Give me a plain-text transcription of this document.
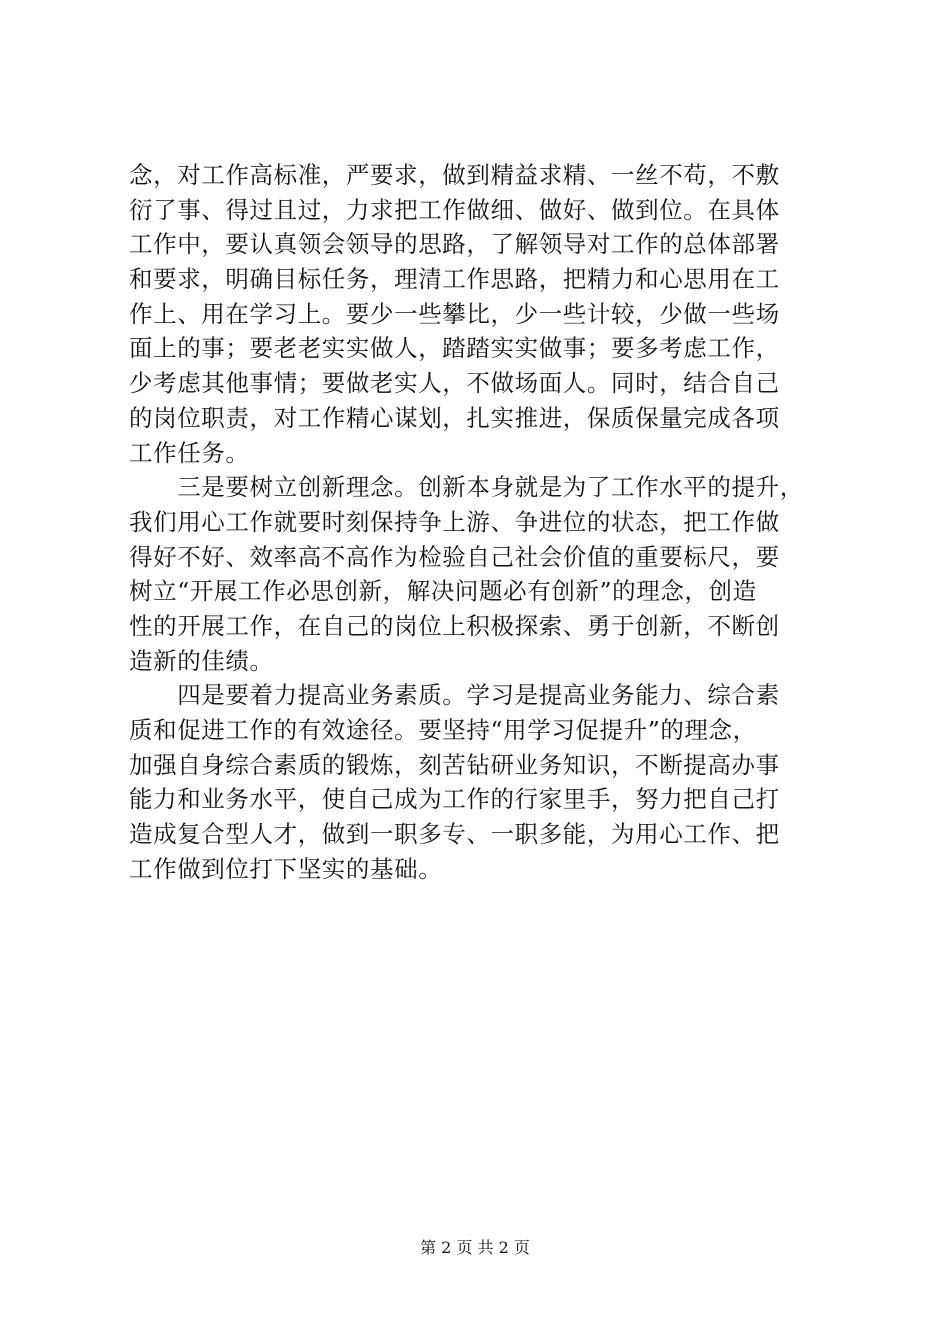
念，对工作高标准，严要求，做到精益求精、一丝不苟，不敷
衍了事、得过且过，力求把工作做细、做好、做到位。在具体
工作中，要认真领会领导的思路，了解领导对工作的总体部署
和要求，明确目标任务，理清工作思路，把精力和心思用在工
作上、用在学习上。要少一些攀比，少一些计较，少做一些场
面上的事；要老老实实做人，踏踏实实做事；要多考虑工作，
少考虑其他事情；要做老实人，不做场面人。同时，结合自己
的岗位职责，对工作精心谋划，扎实推进，保质保量完成各项
工作任务。
　　三是要树立创新理念。创新本身就是为了工作水平的提升，
我们用心工作就要时刻保持争上游、争进位的状态，把工作做
得好不好、效率高不高作为检验自己社会价值的重要标尺，要
树立“开展工作必思创新，解决问题必有创新”的理念，创造
性的开展工作，在自己的岗位上积极探索、勇于创新，不断创
造新的佳绩。
　　四是要着力提高业务素质。学习是提高业务能力、综合素
质和促进工作的有效途径。要坚持“用学习促提升”的理念，
加强自身综合素质的锻炼，刻苦钻研业务知识，不断提高办事
能力和业务水平，使自己成为工作的行家里手，努力把自己打
造成复合型人才，做到一职多专、一职多能，为用心工作、把
工作做到位打下坚实的基础。
第 2 页 共 2 页
